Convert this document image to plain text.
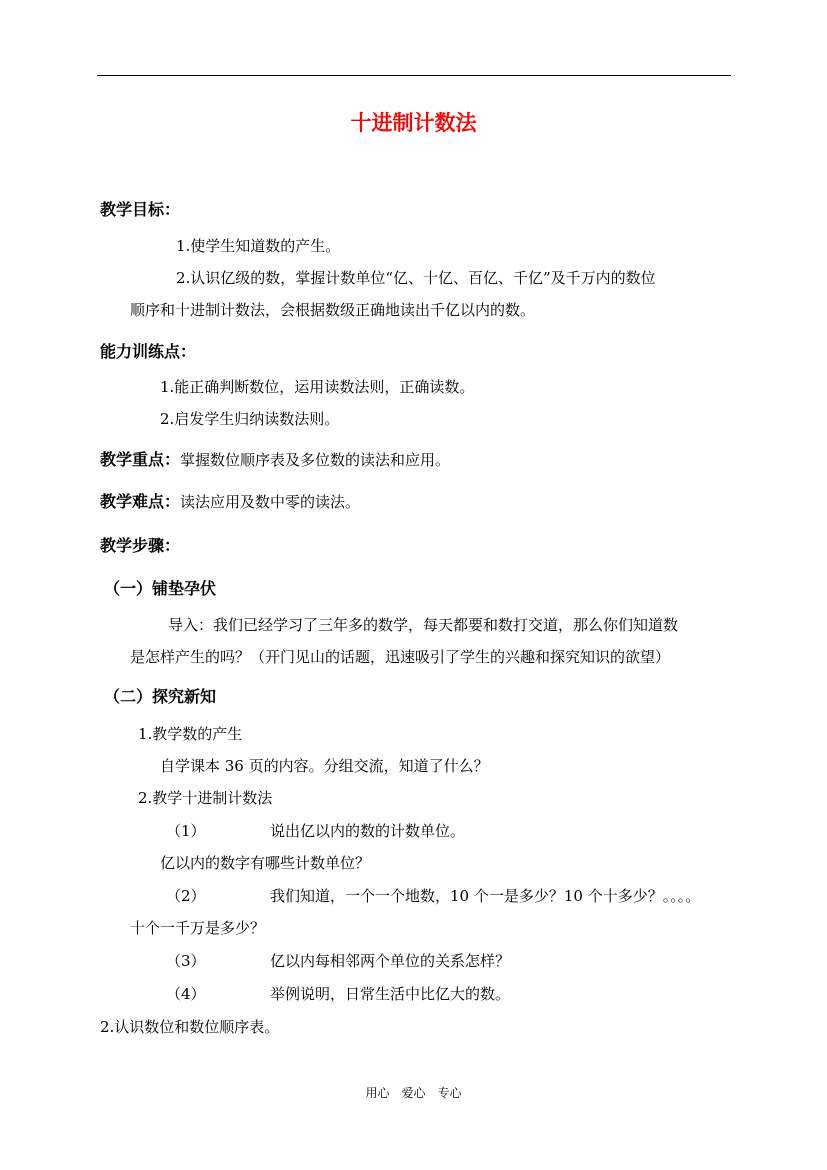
十进制计数法
教学目标：
1.使学生知道数的产生。
2.认识亿级的数，掌握计数单位“亿、十亿、百亿、千亿”及千万内的数位
顺序和十进制计数法，会根据数级正确地读出千亿以内的数。
能力训练点：
1.能正确判断数位，运用读数法则，正确读数。
2.启发学生归纳读数法则。
教学重点：掌握数位顺序表及多位数的读法和应用。
教学难点：读法应用及数中零的读法。
教学步骤：
（一）铺垫孕伏
导入：我们已经学习了三年多的数学，每天都要和数打交道，那么你们知道数
是怎样产生的吗？（开门见山的话题，迅速吸引了学生的兴趣和探究知识的欲望）
（二）探究新知
1.教学数的产生
自学课本 36 页的内容。分组交流，知道了什么？
2.教学十进制计数法
（1）	说出亿以内的数的计数单位。
亿以内的数字有哪些计数单位？
（2）	我们知道，一个一个地数，10 个一是多少？10 个十多少？。。。。
十个一千万是多少？
（3）	亿以内每相邻两个单位的关系怎样？
（4）	举例说明，日常生活中比亿大的数。
2.认识数位和数位顺序表。
用心　爱心　专心
